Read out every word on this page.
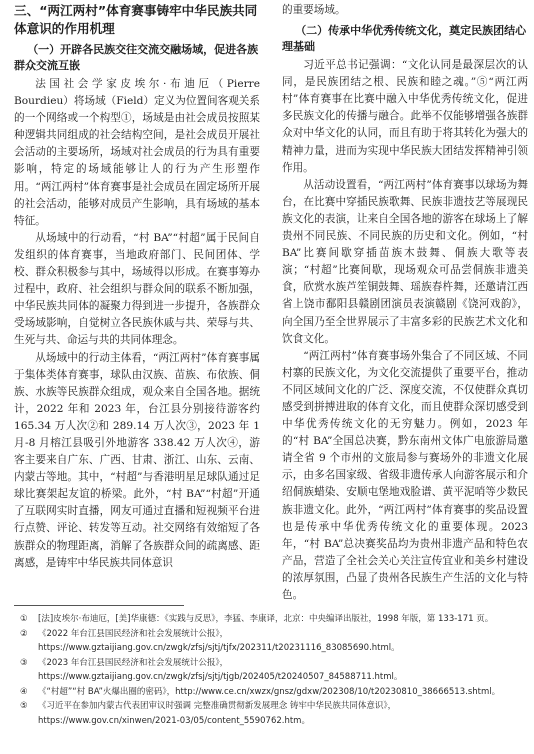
三、“两江两村”体育赛事铸牢中华民族共同体意识的作用机理
（一）开辟各民族交往交流交融场域，促进各族群众交流互嵌

法国社会学家皮埃尔·布迪厄（Pierre Bourdieu）将场域（Field）定义为位置间客观关系的一个网络或一个构型①，场域是由社会成员按照某种逻辑共同组成的社会结构空间，是社会成员开展社会活动的主要场所，场域对社会成员的行为具有重要影响，特定的场域能够让人的行为产生形塑作用。“两江两村”体育赛事是社会成员在固定场所开展的社会活动，能够对成员产生影响，具有场域的基本特征。

从场域中的行动看，“村 BA”“村超”属于民间自发组织的体育赛事，当地政府部门、民间团体、学校、群众积极参与其中，场域得以形成。在赛事筹办过程中，政府、社会组织与群众间的联系不断加强，中华民族共同体的凝聚力得到进一步提升，各族群众受场域影响，自觉树立各民族休戚与共、荣辱与共、生死与共、命运与共的共同体理念。

从场域中的行动主体看，“两江两村”体育赛事属于集体类体育赛事，球队由汉族、苗族、布依族、侗族、水族等民族群众组成，观众来自全国各地。据统计，2022 年和 2023 年，台江县分别接待游客约165.34 万人次②和 289.14 万人次③，2023 年 1 月-8 月榕江县吸引外地游客 338.42 万人次④，游客主要来自广东、广西、甘肃、浙江、山东、云南、内蒙古等地。其中，“村超”与香港明星足球队通过足球比赛架起友谊的桥梁。此外，“村 BA”“村超”开通了互联网实时直播，网友可通过直播和短视频平台进行点赞、评论、转发等互动。社交网络有效缩短了各族群众的物理距离，消解了各族群众间的疏离感、距离感，是铸牢中华民族共同体意识

的重要场域。

（二）传承中华优秀传统文化，奠定民族团结心理基础

习近平总书记强调：“文化认同是最深层次的认同，是民族团结之根、民族和睦之魂。”⑤“两江两村”体育赛事在比赛中融入中华优秀传统文化，促进多民族文化的传播与融合。此举不仅能够增强各族群众对中华文化的认同，而且有助于将其转化为强大的精神力量，进而为实现中华民族大团结发挥精神引领作用。

从活动设置看，“两江两村”体育赛事以球场为舞台，在比赛中穿插民族歌舞、民族非遗技艺等展现民族文化的表演，让来自全国各地的游客在球场上了解贵州不同民族、不同民族的历史和文化。例如，“村 BA”比赛间歇穿插苗族木鼓舞、侗族大歌等表演；“村超”比赛间歇，现场观众可品尝侗族非遗美食，欣赏水族芦笙铜鼓舞、瑶族春杵舞，还邀请江西省上饶市鄱阳县赣剧团演员表演赣剧《饶河戏韵》，向全国乃至全世界展示了丰富多彩的民族艺术文化和饮食文化。

“两江两村”体育赛事场外集合了不同区域、不同村寨的民族文化，为文化交流提供了重要平台，推动不同区域间文化的广泛、深度交流，不仅使群众真切感受到拼搏进取的体育文化，而且使群众深切感受到中华优秀传统文化的无穷魅力。例如，2023 年的“村 BA”全国总决赛，黔东南州文体广电旅游局邀请全省 9 个市州的文旅局参与赛场外的非遗文化展示，由多名国家级、省级非遗传承人向游客展示和介绍侗族蜡染、安顺屯堡地戏脸谱、黄平泥哨等少数民族非遗文化。此外，“两江两村”体育赛事的奖品设置也是传承中华优秀传统文化的重要体现。2023 年，“村 BA”总决赛奖品均为贵州非遗产品和特色农产品，营造了全社会关心关注宣传宜业和美乡村建设的浓厚氛围，凸显了贵州各民族生产生活的文化与特色。

①	[法]皮埃尔·布迪厄，[美]华康德：《实践与反思》，李猛、李康译，北京：中央编译出版社，1998 年版，第 133-171 页。
②	《2022 年台江县国民经济和社会发展统计公报》，https://www.gztaijiang.gov.cn/zwgk/zfsj/sjtj/tjfx/202311/t20231116_83085690.html。
③	《2023 年台江县国民经济和社会发展统计公报》，https://www.gztaijiang.gov.cn/zwgk/zfsj/sjtj/tjgb/202405/t20240507_84588711.html。
④	《“村超”“村 BA”火爆出圈的密码》，http://www.ce.cn/xwzx/gnsz/gdxw/202308/10/t20230810_38666513.shtml。
⑤	《习近平在参加内蒙古代表团审议时强调 完整准确贯彻新发展理念 铸牢中华民族共同体意识》，https://www.gov.cn/xinwen/2021-03/05/content_5590762.htm。
